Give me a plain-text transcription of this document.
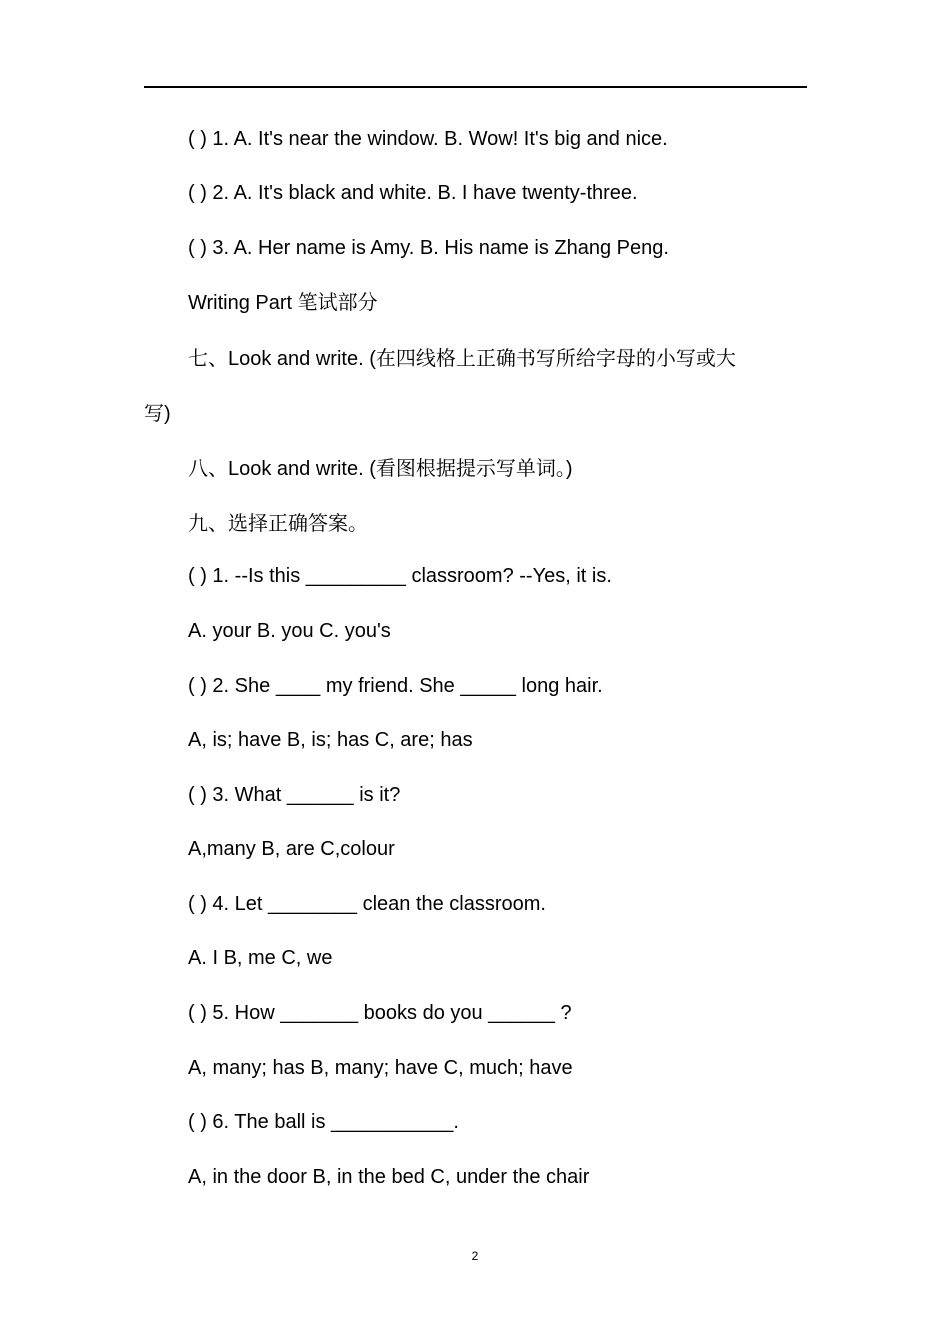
( ) 1. A. It's near the window. B. Wow! It's big and nice.
( ) 2. A. It's black and white. B. I have twenty-three.
( ) 3. A. Her name is Amy. B. His name is Zhang Peng.
Writing Part 笔试部分
七、Look and write. (在四线格上正确书写所给字母的小写或大
写)
八、Look and write. (看图根据提示写单词。)
九、选择正确答案。
( ) 1. --Is this _________ classroom? --Yes, it is.
A. your B. you C. you's
( ) 2. She ____ my friend. She _____ long hair.
A, is; have B, is; has C, are; has
( ) 3. What ______ is it?
A,many B, are C,colour
( ) 4. Let ________ clean the classroom.
A. I B, me C, we
( ) 5. How _______ books do you ______ ?
A, many; has B, many; have C, much; have
( ) 6. The ball is ___________.
A, in the door B, in the bed C, under the chair
2
